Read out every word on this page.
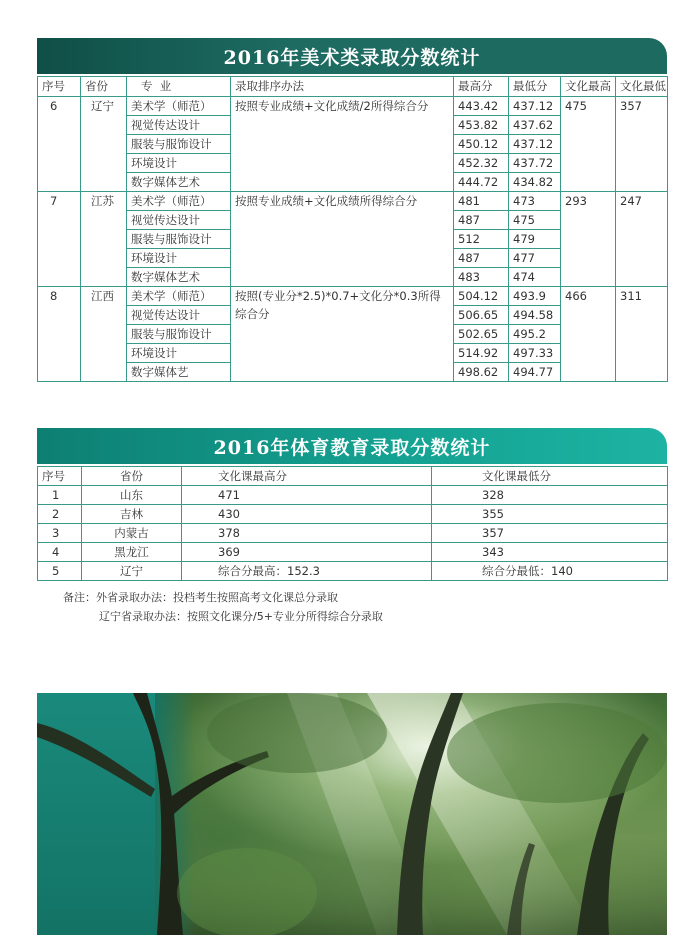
2016年美术类录取分数统计
序号	省份	专  业	录取排序办法	最高分	最低分	文化最高	文化最低
6	辽宁	美术学（师范）	按照专业成绩+文化成绩/2所得综合分	443.42	437.12	475	357
		视觉传达设计		453.82	437.62		
		服装与服饰设计		450.12	437.12		
		环境设计		452.32	437.72		
		数字媒体艺术		444.72	434.82		
7	江苏	美术学（师范）	按照专业成绩+文化成绩所得综合分	481	473	293	247
		视觉传达设计		487	475		
		服装与服饰设计		512	479		
		环境设计		487	477		
		数字媒体艺术		483	474		
8	江西	美术学（师范）	按照(专业分*2.5)*0.7+文化分*0.3所得综合分	504.12	493.9	466	311
		视觉传达设计		506.65	494.58		
		服装与服饰设计		502.65	495.2		
		环境设计		514.92	497.33		
		数字媒体艺		498.62	494.77		
2016年体育教育录取分数统计
序号	省份	文化课最高分	文化课最低分
1	山东	471	328
2	吉林	430	355
3	内蒙古	378	357
4	黑龙江	369	343
5	辽宁	综合分最高：152.3	综合分最低：140
备注：外省录取办法：投档考生按照高考文化课总分录取
辽宁省录取办法：按照文化课分/5+专业分所得综合分录取
